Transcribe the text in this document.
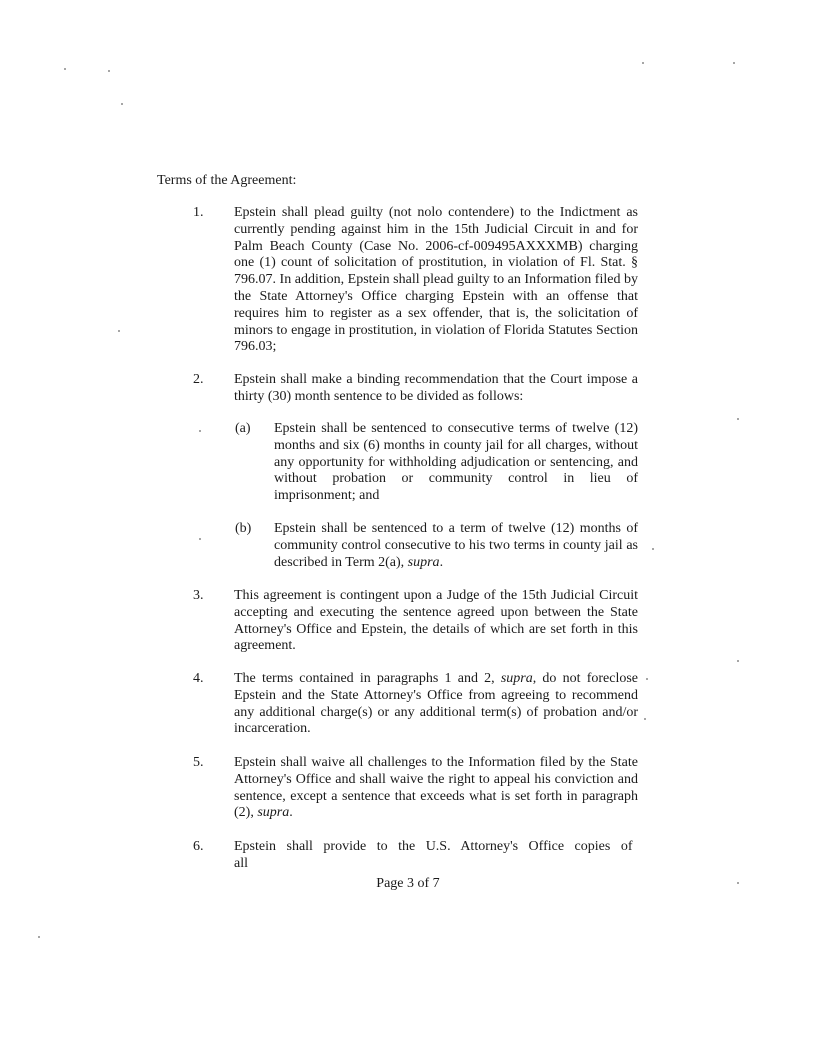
Terms of the Agreement:
1. Epstein shall plead guilty (not nolo contendere) to the Indictment as currently pending against him in the 15th Judicial Circuit in and for Palm Beach County (Case No. 2006-cf-009495AXXXMB) charging one (1) count of solicitation of prostitution, in violation of Fl. Stat. § 796.07. In addition, Epstein shall plead guilty to an Information filed by the State Attorney's Office charging Epstein with an offense that requires him to register as a sex offender, that is, the solicitation of minors to engage in prostitution, in violation of Florida Statutes Section 796.03;
2. Epstein shall make a binding recommendation that the Court impose a thirty (30) month sentence to be divided as follows:
(a) Epstein shall be sentenced to consecutive terms of twelve (12) months and six (6) months in county jail for all charges, without any opportunity for withholding adjudication or sentencing, and without probation or community control in lieu of imprisonment; and
(b) Epstein shall be sentenced to a term of twelve (12) months of community control consecutive to his two terms in county jail as described in Term 2(a), supra.
3. This agreement is contingent upon a Judge of the 15th Judicial Circuit accepting and executing the sentence agreed upon between the State Attorney's Office and Epstein, the details of which are set forth in this agreement.
4. The terms contained in paragraphs 1 and 2, supra, do not foreclose Epstein and the State Attorney's Office from agreeing to recommend any additional charge(s) or any additional term(s) of probation and/or incarceration.
5. Epstein shall waive all challenges to the Information filed by the State Attorney's Office and shall waive the right to appeal his conviction and sentence, except a sentence that exceeds what is set forth in paragraph (2), supra.
6. Epstein shall provide to the U.S. Attorney's Office copies of all
Page 3 of 7
